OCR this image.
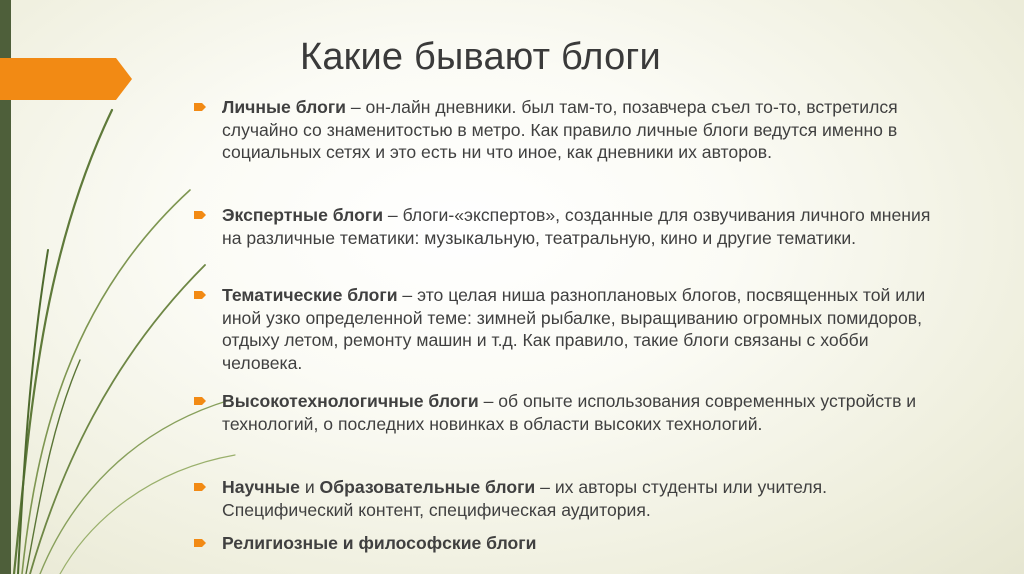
Какие бывают блоги
Личные блоги – он-лайн дневники. был там-то, позавчера съел то-то, встретился случайно со знаменитостью в метро. Как правило личные блоги ведутся именно в социальных сетях и это есть ни что иное, как дневники их авторов.
Экспертные блоги – блоги-«экспертов», созданные для озвучивания личного мнения на различные тематики: музыкальную, театральную, кино и другие тематики.
Тематические блоги – это целая ниша разноплановых блогов, посвященных той или иной узко определенной теме: зимней рыбалке, выращиванию огромных помидоров, отдыху летом, ремонту машин и т.д. Как правило, такие блоги связаны с хобби человека.
Высокотехнологичные блоги – об опыте использования современных устройств и технологий, о последних новинках в области высоких технологий.
Научные и Образовательные блоги – их авторы студенты или учителя. Специфический контент, специфическая аудитория.
Религиозные и философские блоги
